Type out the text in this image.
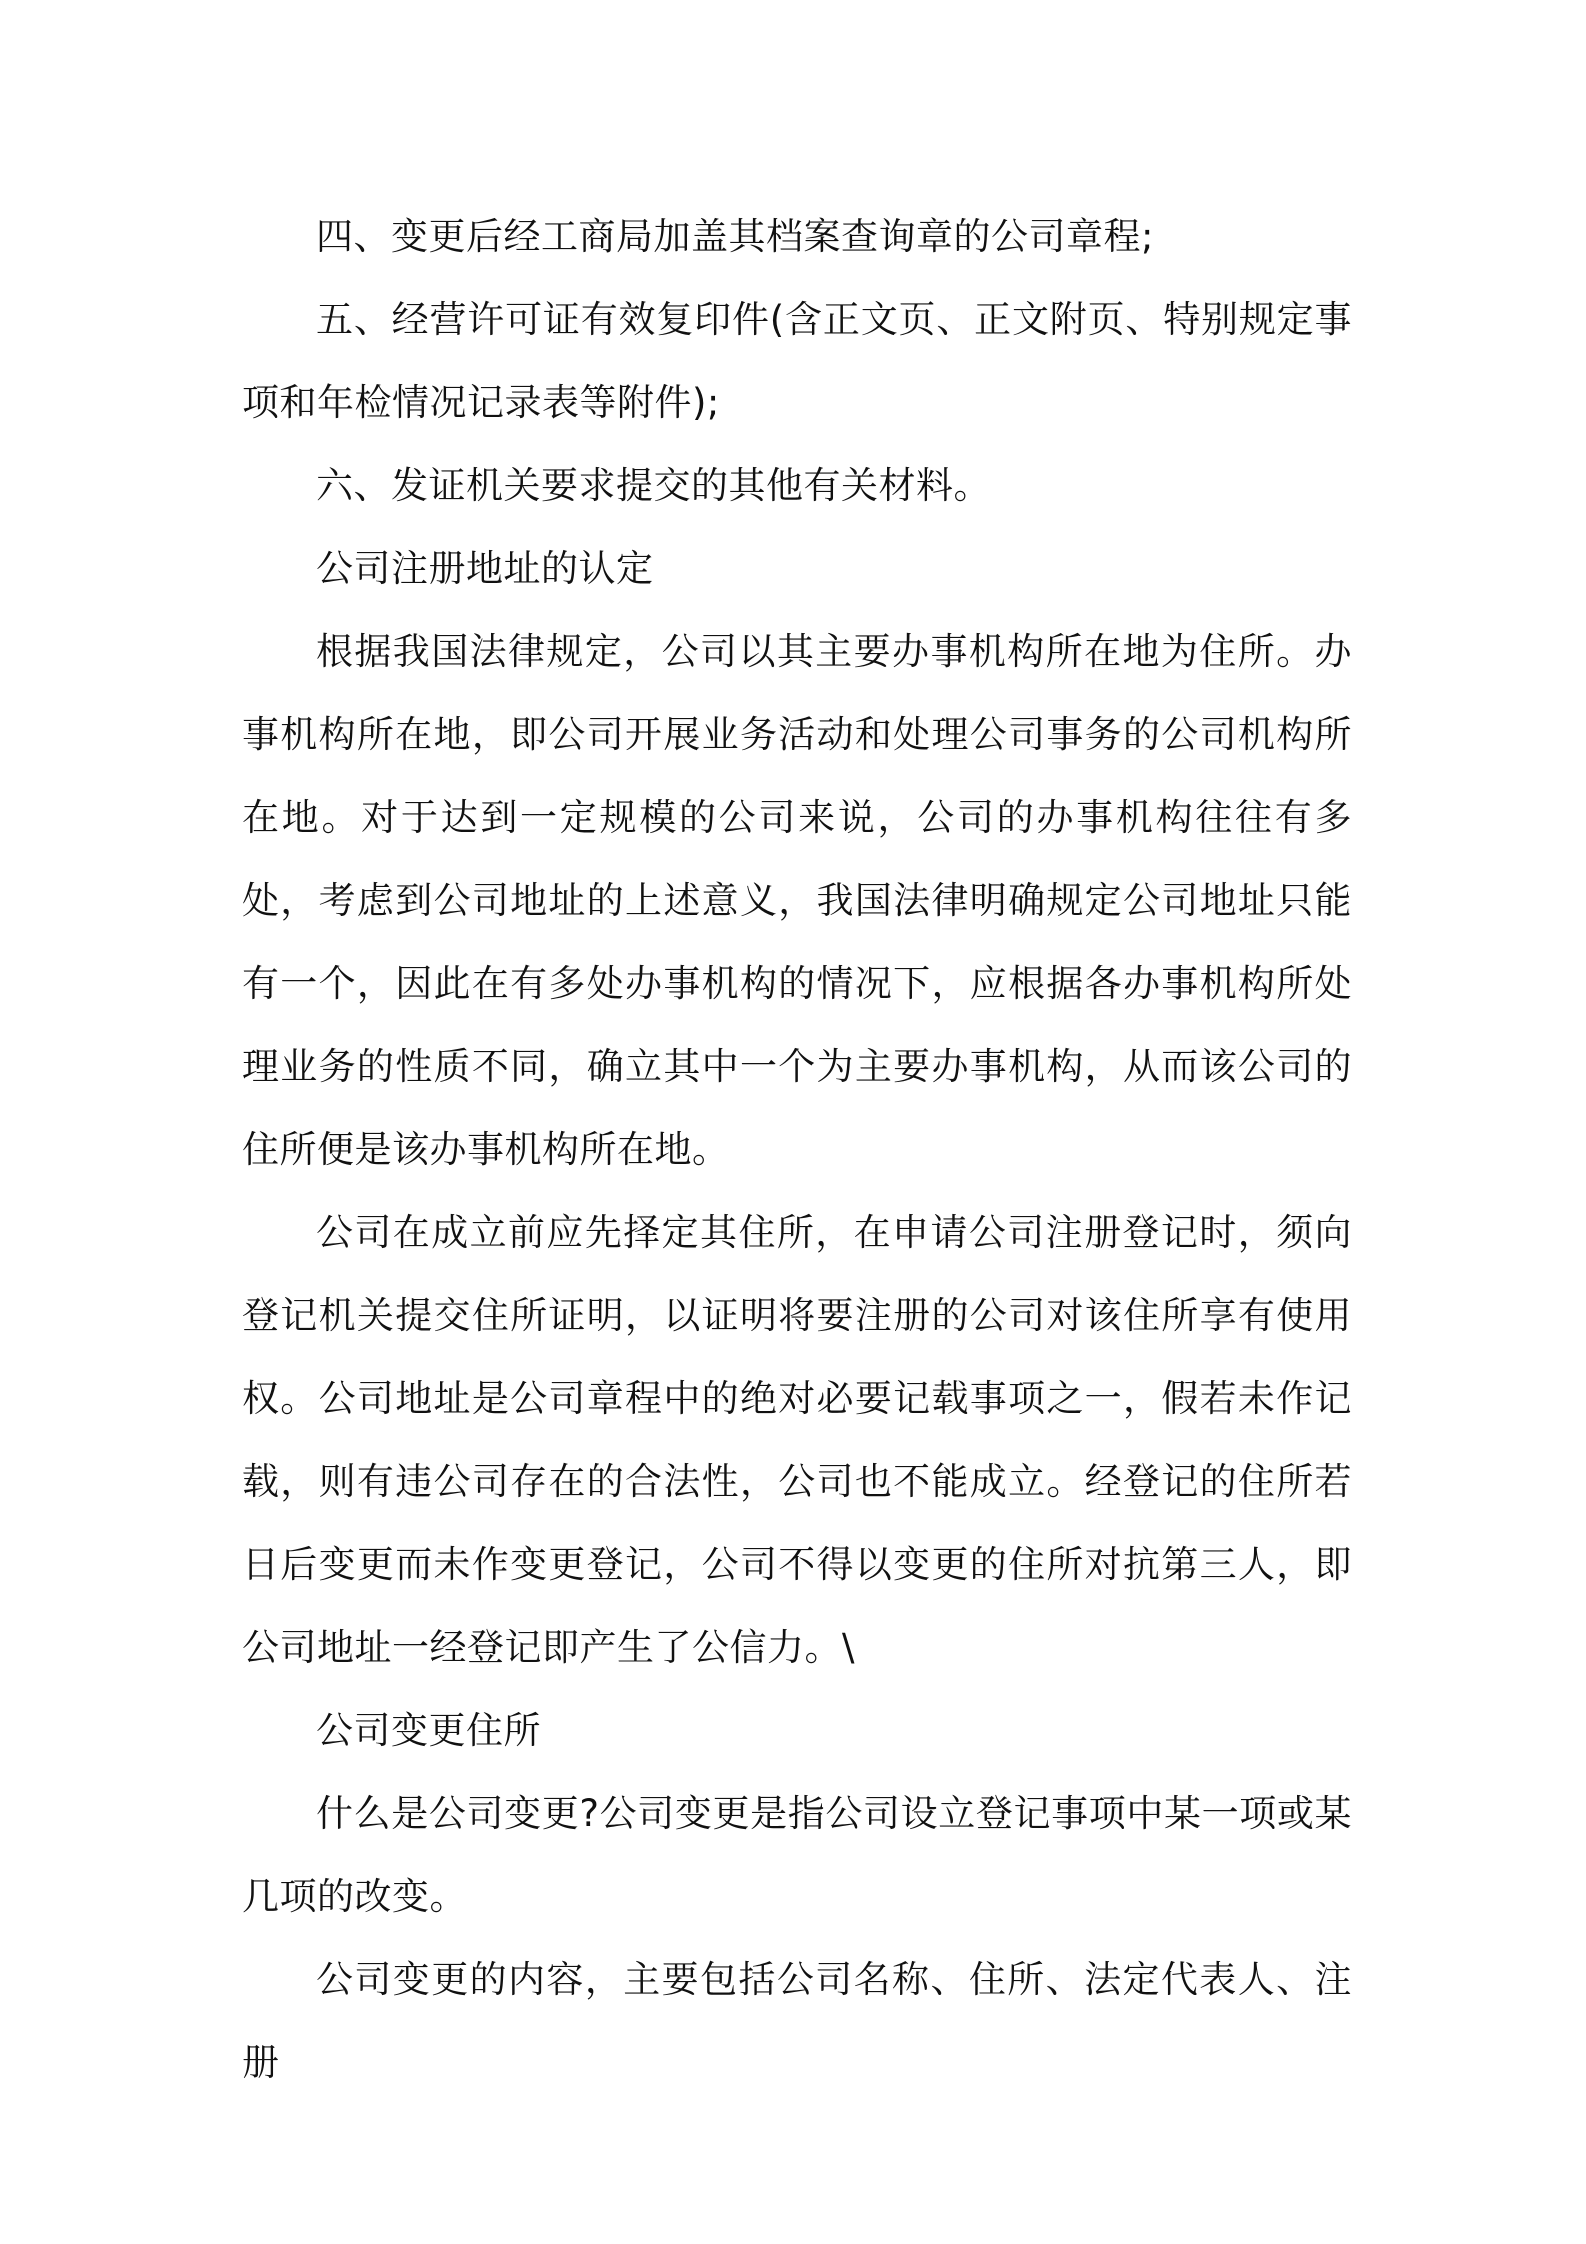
四、变更后经工商局加盖其档案查询章的公司章程;

五、经营许可证有效复印件(含正文页、正文附页、特别规定事项和年检情况记录表等附件);

六、发证机关要求提交的其他有关材料。

公司注册地址的认定

根据我国法律规定，公司以其主要办事机构所在地为住所。办事机构所在地，即公司开展业务活动和处理公司事务的公司机构所在地。对于达到一定规模的公司来说，公司的办事机构往往有多处，考虑到公司地址的上述意义，我国法律明确规定公司地址只能有一个，因此在有多处办事机构的情况下，应根据各办事机构所处理业务的性质不同，确立其中一个为主要办事机构，从而该公司的住所便是该办事机构所在地。

公司在成立前应先择定其住所，在申请公司注册登记时，须向登记机关提交住所证明，以证明将要注册的公司对该住所享有使用权。公司地址是公司章程中的绝对必要记载事项之一，假若未作记载，则有违公司存在的合法性，公司也不能成立。经登记的住所若日后变更而未作变更登记，公司不得以变更的住所对抗第三人，即公司地址一经登记即产生了公信力。\

公司变更住所

什么是公司变更?公司变更是指公司设立登记事项中某一项或某几项的改变。

公司变更的内容，主要包括公司名称、住所、法定代表人、注册
